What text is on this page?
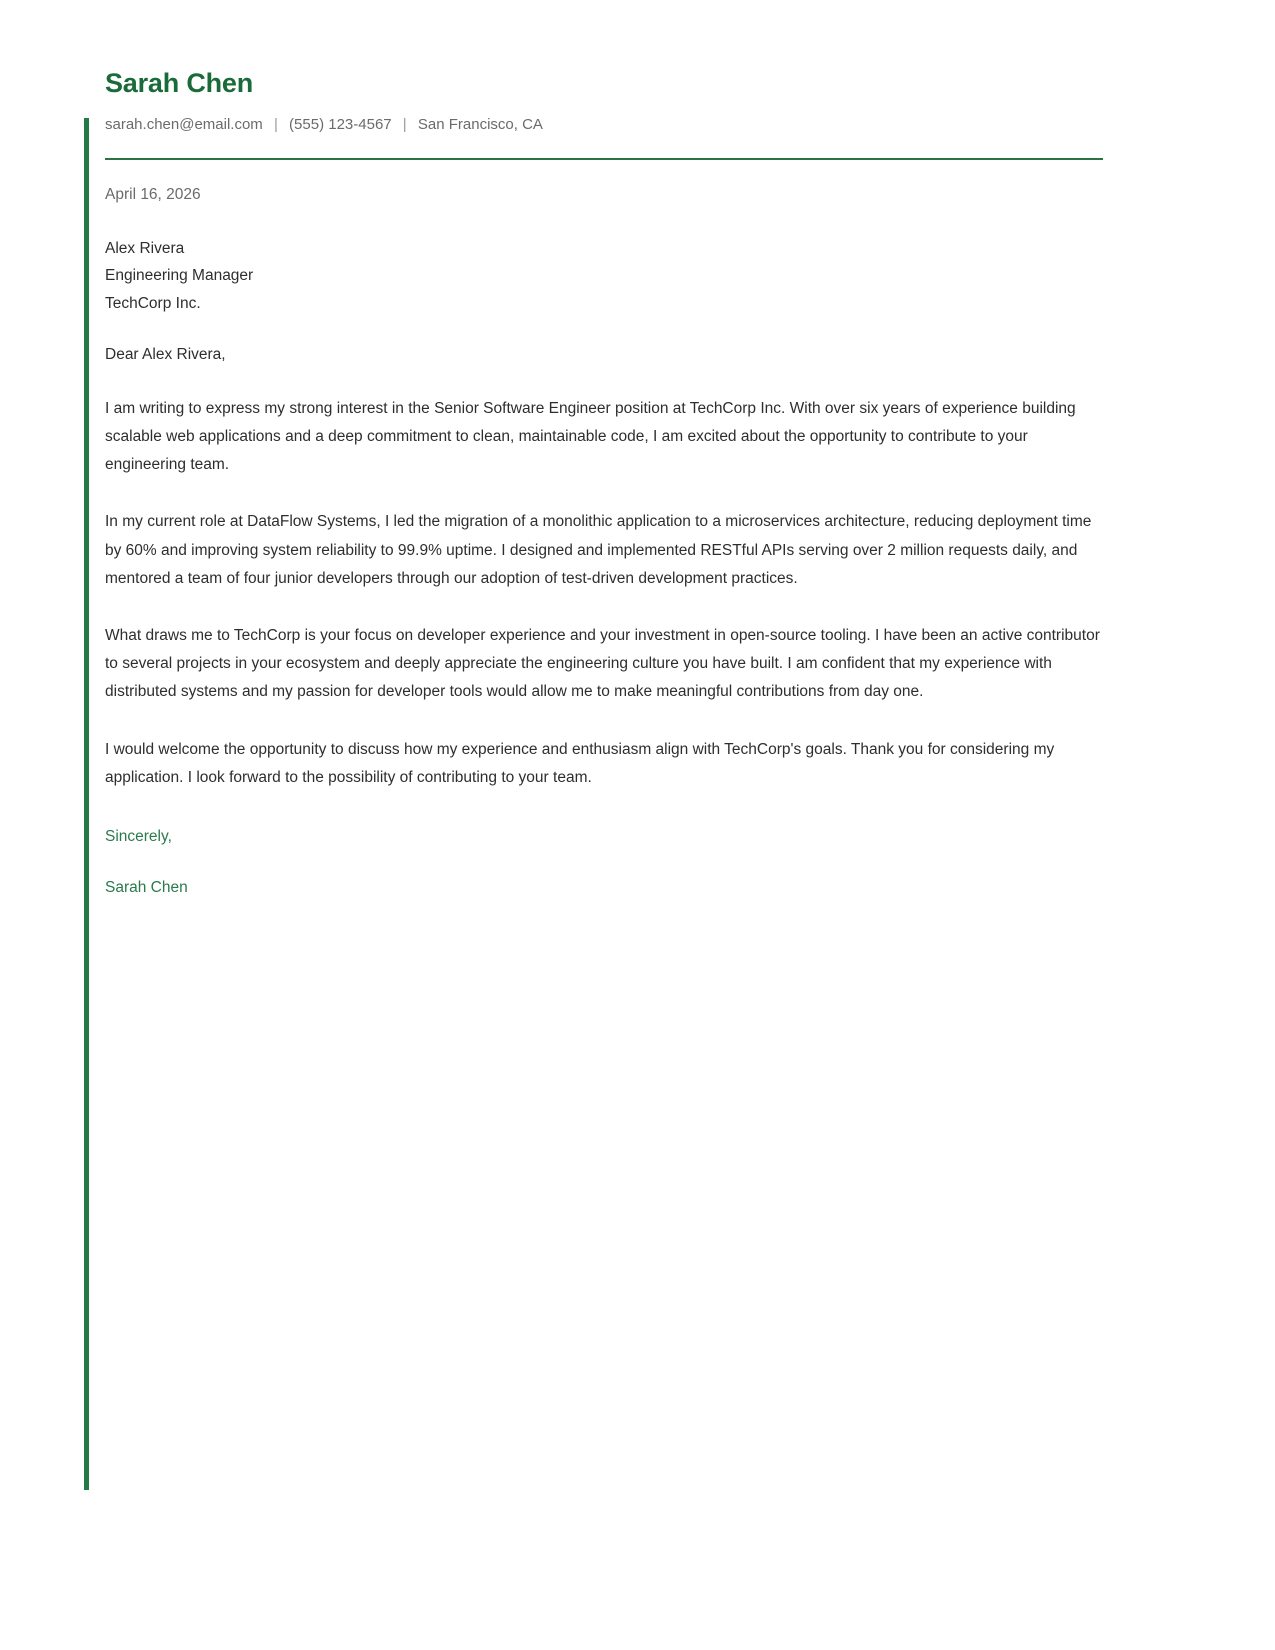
Sarah Chen
sarah.chen@email.com | (555) 123-4567 | San Francisco, CA
April 16, 2026
Alex Rivera
Engineering Manager
TechCorp Inc.
Dear Alex Rivera,
I am writing to express my strong interest in the Senior Software Engineer position at TechCorp Inc. With over six years of experience building scalable web applications and a deep commitment to clean, maintainable code, I am excited about the opportunity to contribute to your engineering team.
In my current role at DataFlow Systems, I led the migration of a monolithic application to a microservices architecture, reducing deployment time by 60% and improving system reliability to 99.9% uptime. I designed and implemented RESTful APIs serving over 2 million requests daily, and mentored a team of four junior developers through our adoption of test-driven development practices.
What draws me to TechCorp is your focus on developer experience and your investment in open-source tooling. I have been an active contributor to several projects in your ecosystem and deeply appreciate the engineering culture you have built. I am confident that my experience with distributed systems and my passion for developer tools would allow me to make meaningful contributions from day one.
I would welcome the opportunity to discuss how my experience and enthusiasm align with TechCorp's goals. Thank you for considering my application. I look forward to the possibility of contributing to your team.
Sincerely,
Sarah Chen
